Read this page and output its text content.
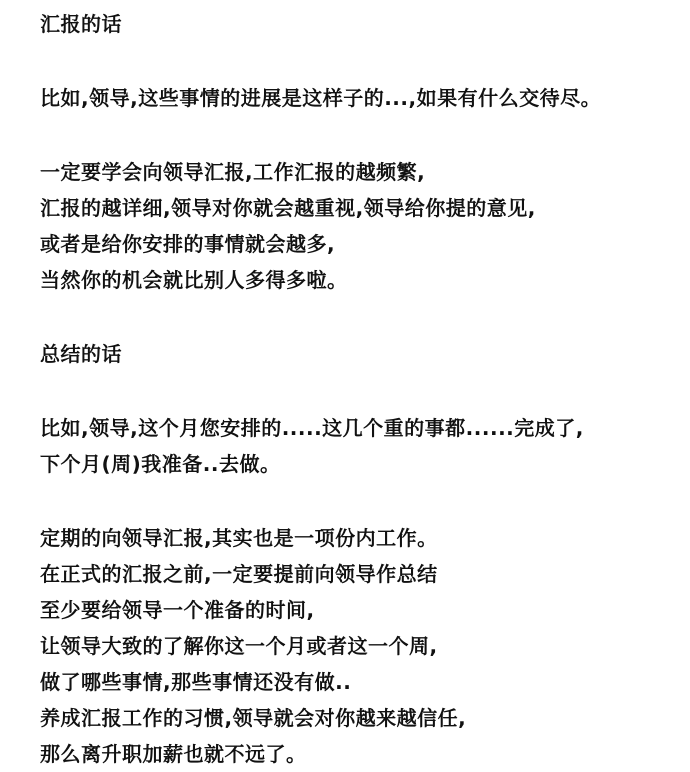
汇报的话
比如,领导,这些事情的进展是这样子的...,如果有什么交待尽。
一定要学会向领导汇报,工作汇报的越频繁,
汇报的越详细,领导对你就会越重视,领导给你提的意见,
或者是给你安排的事情就会越多,
当然你的机会就比别人多得多啦。
总结的话
比如,领导,这个月您安排的.....这几个重的事都......完成了,
下个月(周)我准备..去做。
定期的向领导汇报,其实也是一项份内工作。
在正式的汇报之前,一定要提前向领导作总结
至少要给领导一个准备的时间,
让领导大致的了解你这一个月或者这一个周,
做了哪些事情,那些事情还没有做..
养成汇报工作的习惯,领导就会对你越来越信任,
那么离升职加薪也就不远了。
